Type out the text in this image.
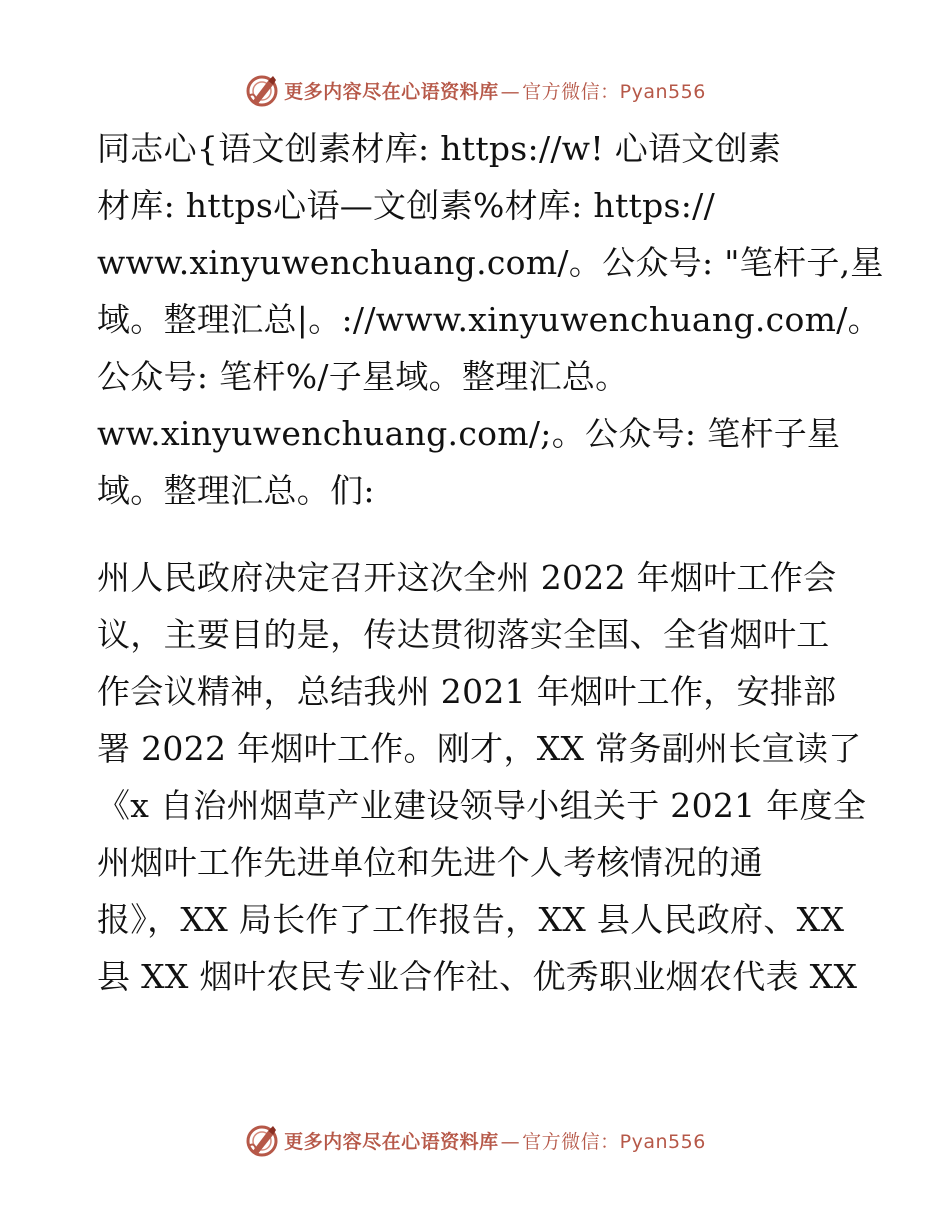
更多内容尽在心语资料库 — 官方微信：Pyan556
同志心{语文创素材库: https://w! 心语文创素
材库: https心语—文创素%材库: https://
www.xinyuwenchuang.com/。公众号: "笔杆子,星
域。整理汇总|。://www.xinyuwenchuang.com/。
公众号: 笔杆%/子星域。整理汇总。
ww.xinyuwenchuang.com/;。公众号: 笔杆子星
域。整理汇总。们:
州人民政府决定召开这次全州 2022 年烟叶工作会
议，主要目的是，传达贯彻落实全国、全省烟叶工
作会议精神，总结我州 2021 年烟叶工作，安排部
署 2022 年烟叶工作。刚才，XX 常务副州长宣读了
《x 自治州烟草产业建设领导小组关于 2021 年度全
州烟叶工作先进单位和先进个人考核情况的通
报》，XX 局长作了工作报告，XX 县人民政府、XX
县 XX 烟叶农民专业合作社、优秀职业烟农代表 XX
更多内容尽在心语资料库 — 官方微信：Pyan556
